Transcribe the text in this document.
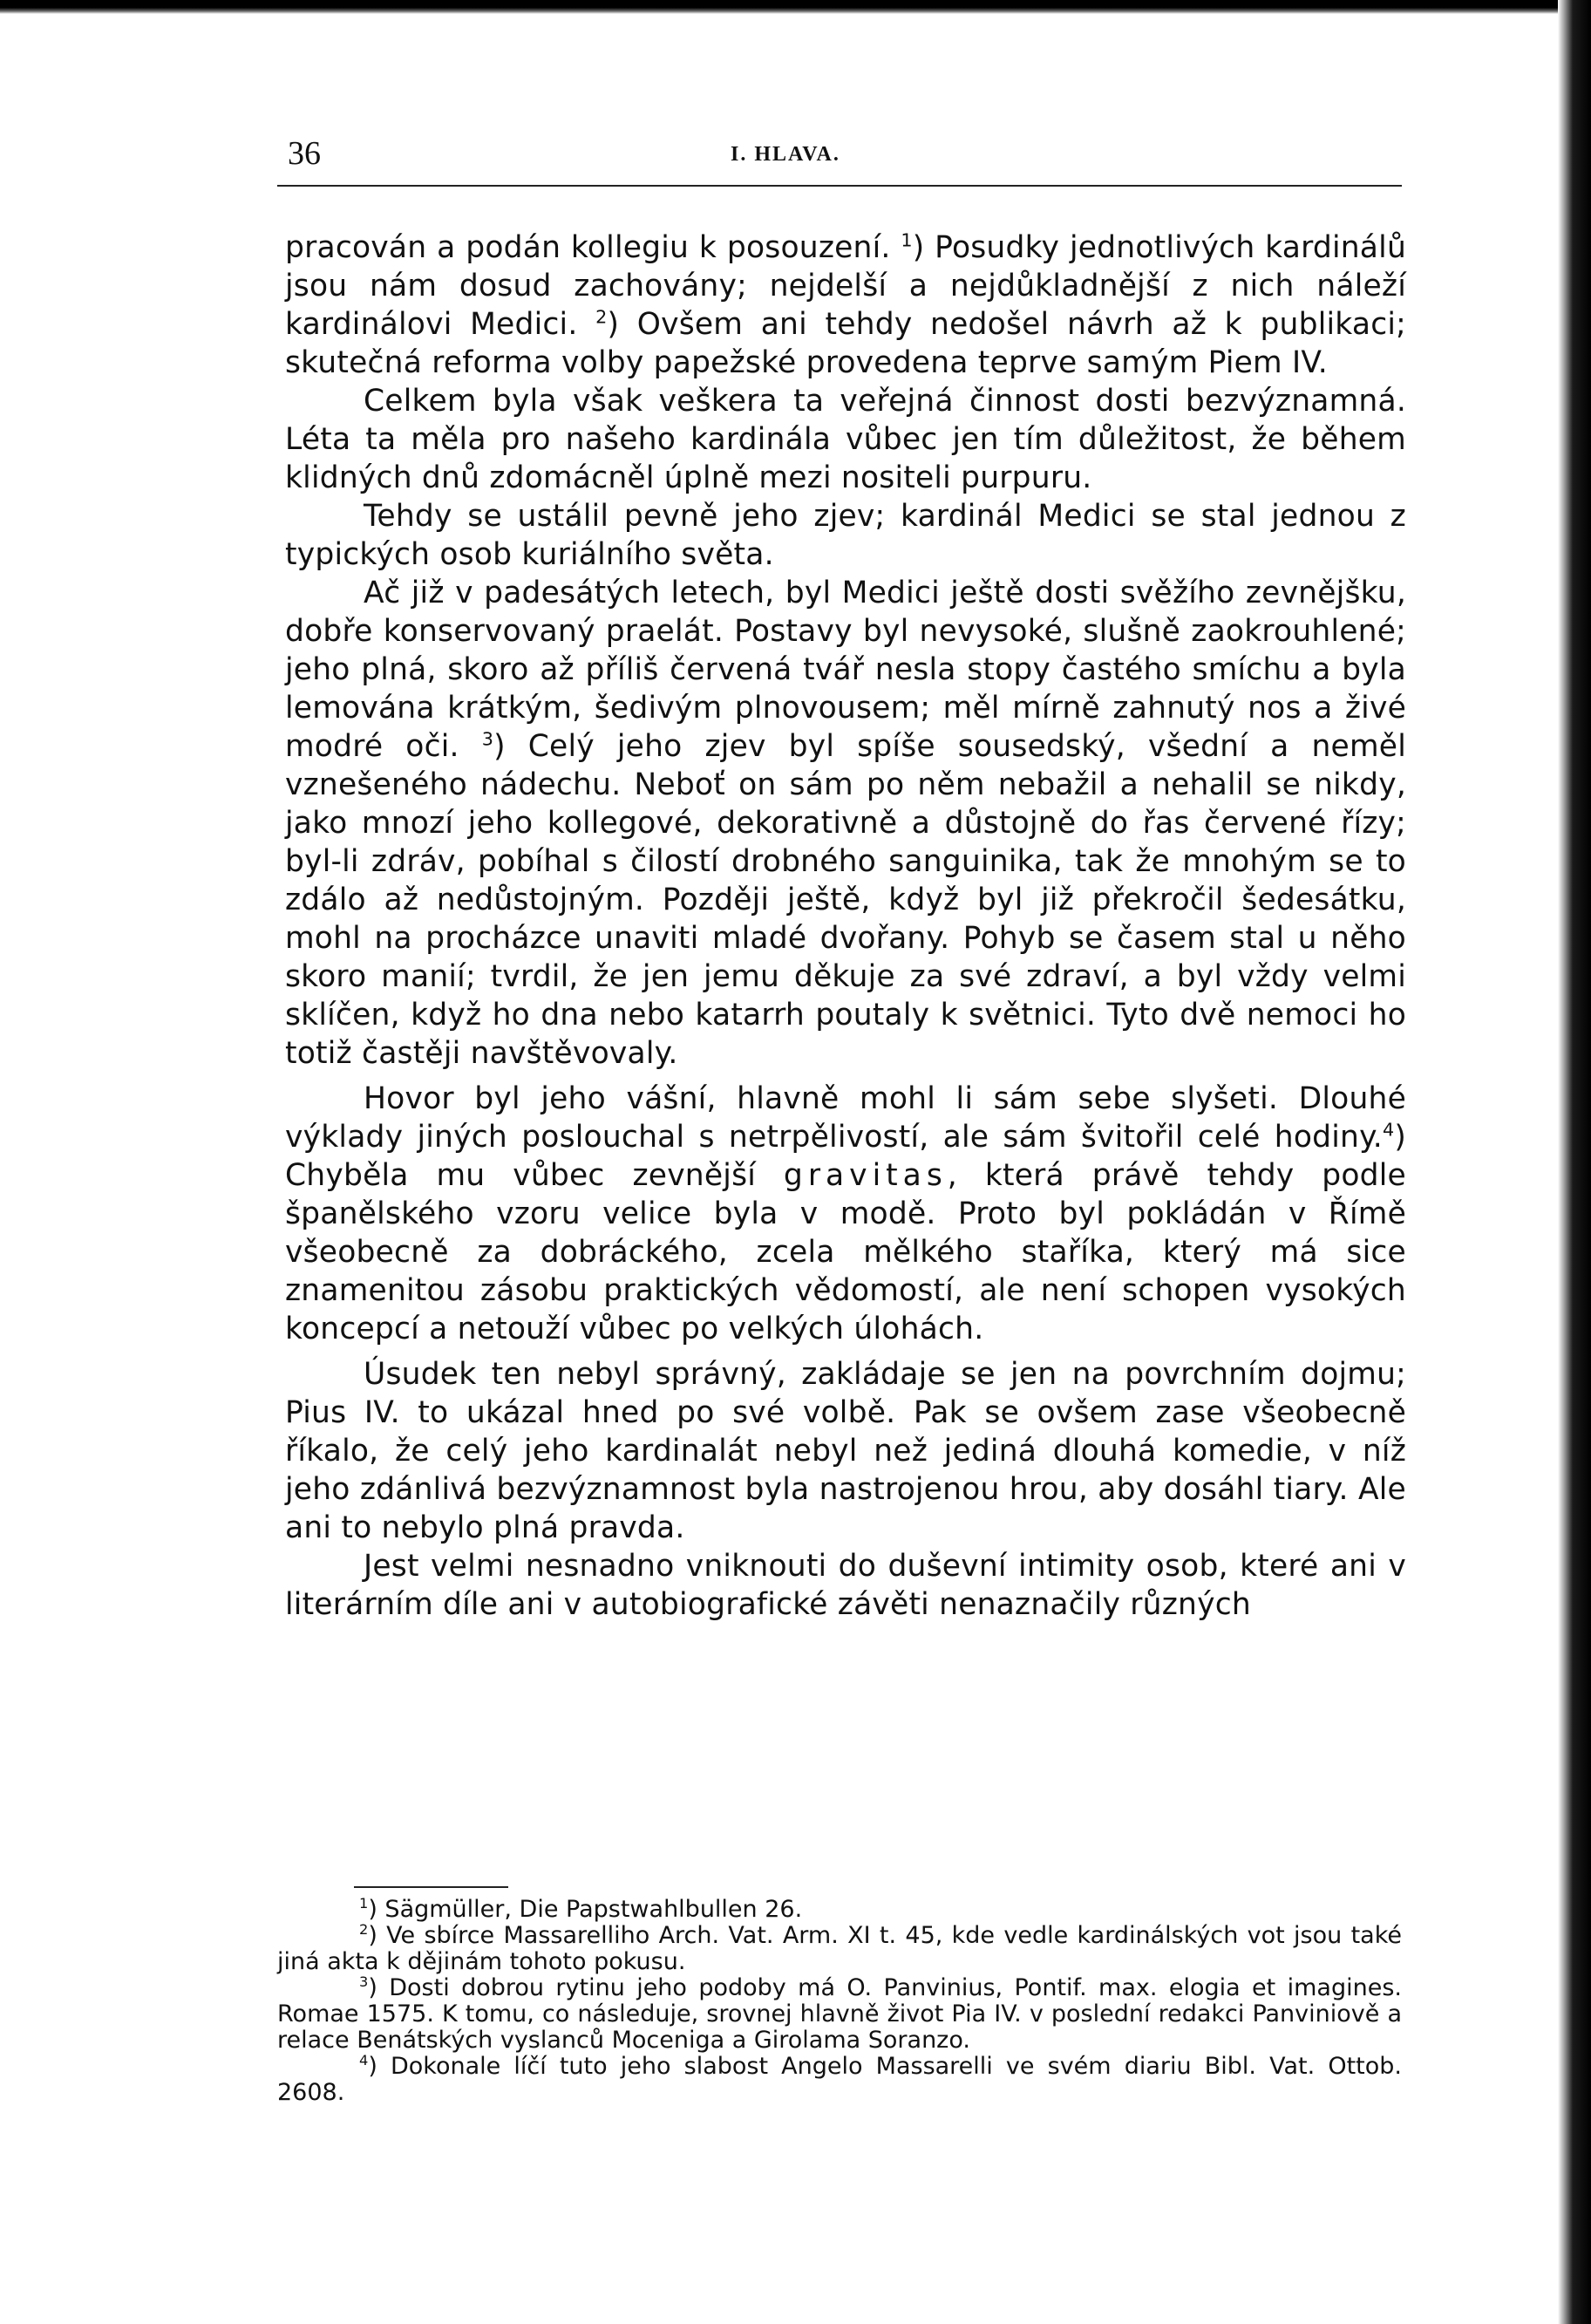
36	I. HLAVA.

pracován a podán kollegiu k posouzení. $^1$) Posudky jednotlivých kardinálů jsou nám dosud zachovány; nejdelší a nejdůkladnější z nich náleží kardinálovi Medici. $^2$) Ovšem ani tehdy nedošel návrh až k publikaci; skutečná reforma volby papežské provedena teprve samým Piem IV.

Celkem byla však veškera ta veřejná činnost dosti bezvýznamná. Léta ta měla pro našeho kardinála vůbec jen tím důležitost, že během klidných dnů zdomácněl úplně mezi nositeli purpuru.

Tehdy se ustálil pevně jeho zjev; kardinál Medici se stal jednou z typických osob kuriálního světa.

Ač již v padesátých letech, byl Medici ještě dosti svěžího zevnějšku, dobře konservovaný praelát. Postavy byl nevysoké, slušně zaokrouhlené; jeho plná, skoro až příliš červená tvář nesla stopy častého smíchu a byla lemována krátkým, šedivým plnovousem; měl mírně zahnutý nos a živé modré oči. $^3$) Celý jeho zjev byl spíše sousedský, všední a neměl vznešeného nádechu. Neboť on sám po něm nebažil a nehalil se nikdy, jako mnozí jeho kollegové, dekorativně a důstojně do řas červené řízy; byl-li zdráv, pobíhal s čilostí drobného sanguinika, tak že mnohým se to zdálo až nedůstojným. Později ještě, když byl již překročil šedesátku, mohl na procházce unaviti mladé dvořany. Pohyb se časem stal u něho skoro manií; tvrdil, že jen jemu děkuje za své zdraví, a byl vždy velmi sklíčen, když ho dna nebo katarrh poutaly k světnici. Tyto dvě nemoci ho totiž častěji navštěvovaly.

Hovor byl jeho vášní, hlavně mohl li sám sebe slyšeti. Dlouhé výklady jiných poslouchal s netrpělivostí, ale sám švitořil celé hodiny.$^4$) Chyběla mu vůbec zevnější gravitas, která právě tehdy podle španělského vzoru velice byla v modě. Proto byl pokládán v Římě všeobecně za dobráckého, zcela mělkého staříka, který má sice znamenitou zásobu praktických vědomostí, ale není schopen vysokých koncepcí a netouží vůbec po velkých úlohách.

Úsudek ten nebyl správný, zakládaje se jen na povrchním dojmu; Pius IV. to ukázal hned po své volbě. Pak se ovšem zase všeobecně říkalo, že celý jeho kardinalát nebyl než jediná dlouhá komedie, v níž jeho zdánlivá bezvýznamnost byla nastrojenou hrou, aby dosáhl tiary. Ale ani to nebylo plná pravda.

Jest velmi nesnadno vniknouti do duševní intimity osob, které ani v literárním díle ani v autobiografické závěti nenaznačily různých

$^1$) Sägmüller, Die Papstwahlbullen 26.

$^2$) Ve sbírce Massarelliho Arch. Vat. Arm. XI t. 45, kde vedle kardinálských vot jsou také jiná akta k dějinám tohoto pokusu.

$^3$) Dosti dobrou rytinu jeho podoby má O. Panvinius, Pontif. max. elogia et imagines. Romae 1575. K tomu, co následuje, srovnej hlavně život Pia IV. v poslední redakci Panviniově a relace Benátských vyslanců Moceniga a Girolama Soranzo.

$^4$) Dokonale líčí tuto jeho slabost Angelo Massarelli ve svém diariu Bibl. Vat. Ottob. 2608.
